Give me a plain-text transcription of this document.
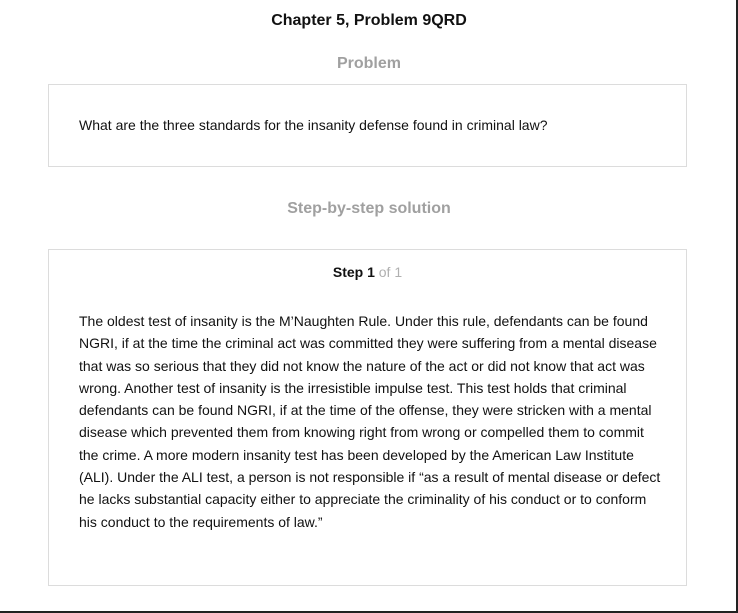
Chapter 5, Problem 9QRD
Problem
What are the three standards for the insanity defense found in criminal law?
Step-by-step solution
Step 1 of 1
The oldest test of insanity is the M’Naughten Rule. Under this rule, defendants can be found NGRI, if at the time the criminal act was committed they were suffering from a mental disease that was so serious that they did not know the nature of the act or did not know that act was wrong. Another test of insanity is the irresistible impulse test. This test holds that criminal defendants can be found NGRI, if at the time of the offense, they were stricken with a mental disease which prevented them from knowing right from wrong or compelled them to commit the crime. A more modern insanity test has been developed by the American Law Institute (ALI). Under the ALI test, a person is not responsible if “as a result of mental disease or defect he lacks substantial capacity either to appreciate the criminality of his conduct or to conform his conduct to the requirements of law.”
